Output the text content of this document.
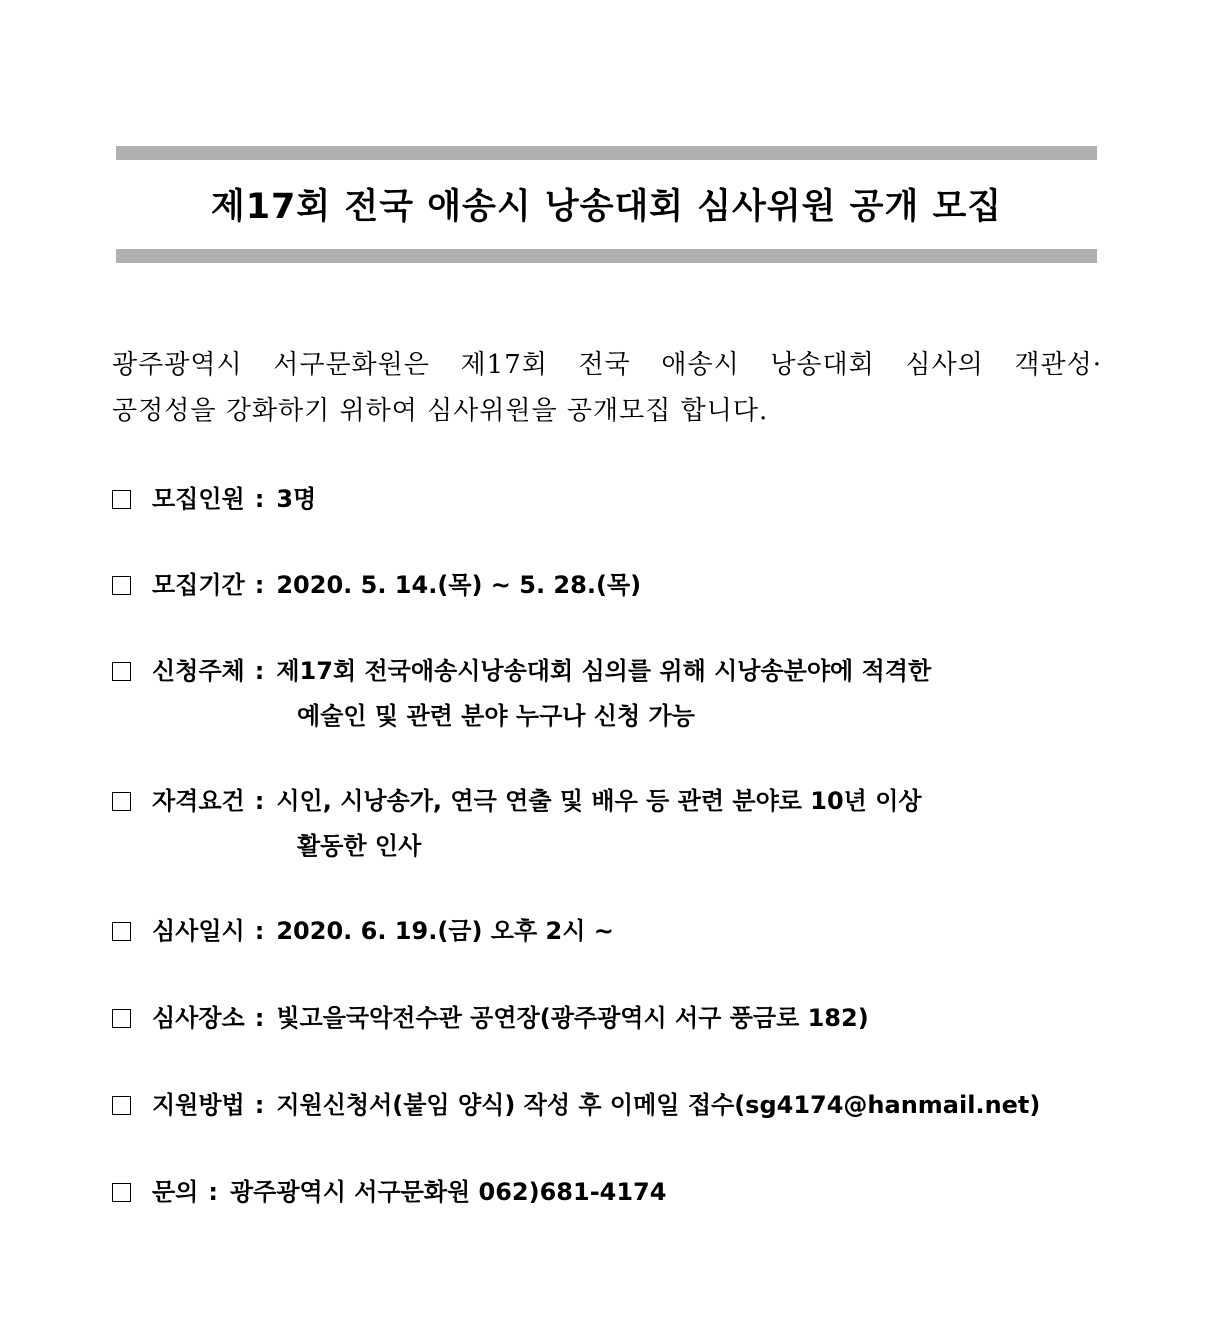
제17회 전국 애송시 낭송대회 심사위원 공개 모집

광주광역시 서구문화원은 제17회 전국 애송시 낭송대회 심사의 객관성·

공정성을 강화하기 위하여 심사위원을 공개모집 합니다.

모집인원 : 3명
모집기간 : 2020. 5. 14.(목) ~ 5. 28.(목)
신청주체 : 제17회 전국애송시낭송대회 심의를 위해 시낭송분야에 적격한
예술인 및 관련 분야 누구나 신청 가능
자격요건 : 시인, 시낭송가, 연극 연출 및 배우 등 관련 분야로 10년 이상
활동한 인사
심사일시 : 2020. 6. 19.(금) 오후 2시 ~
심사장소 : 빛고을국악전수관 공연장(광주광역시 서구 풍금로 182)
지원방법 : 지원신청서(붙임 양식) 작성 후 이메일 접수(sg4174@hanmail.net)
문의 : 광주광역시 서구문화원 062)681-4174
